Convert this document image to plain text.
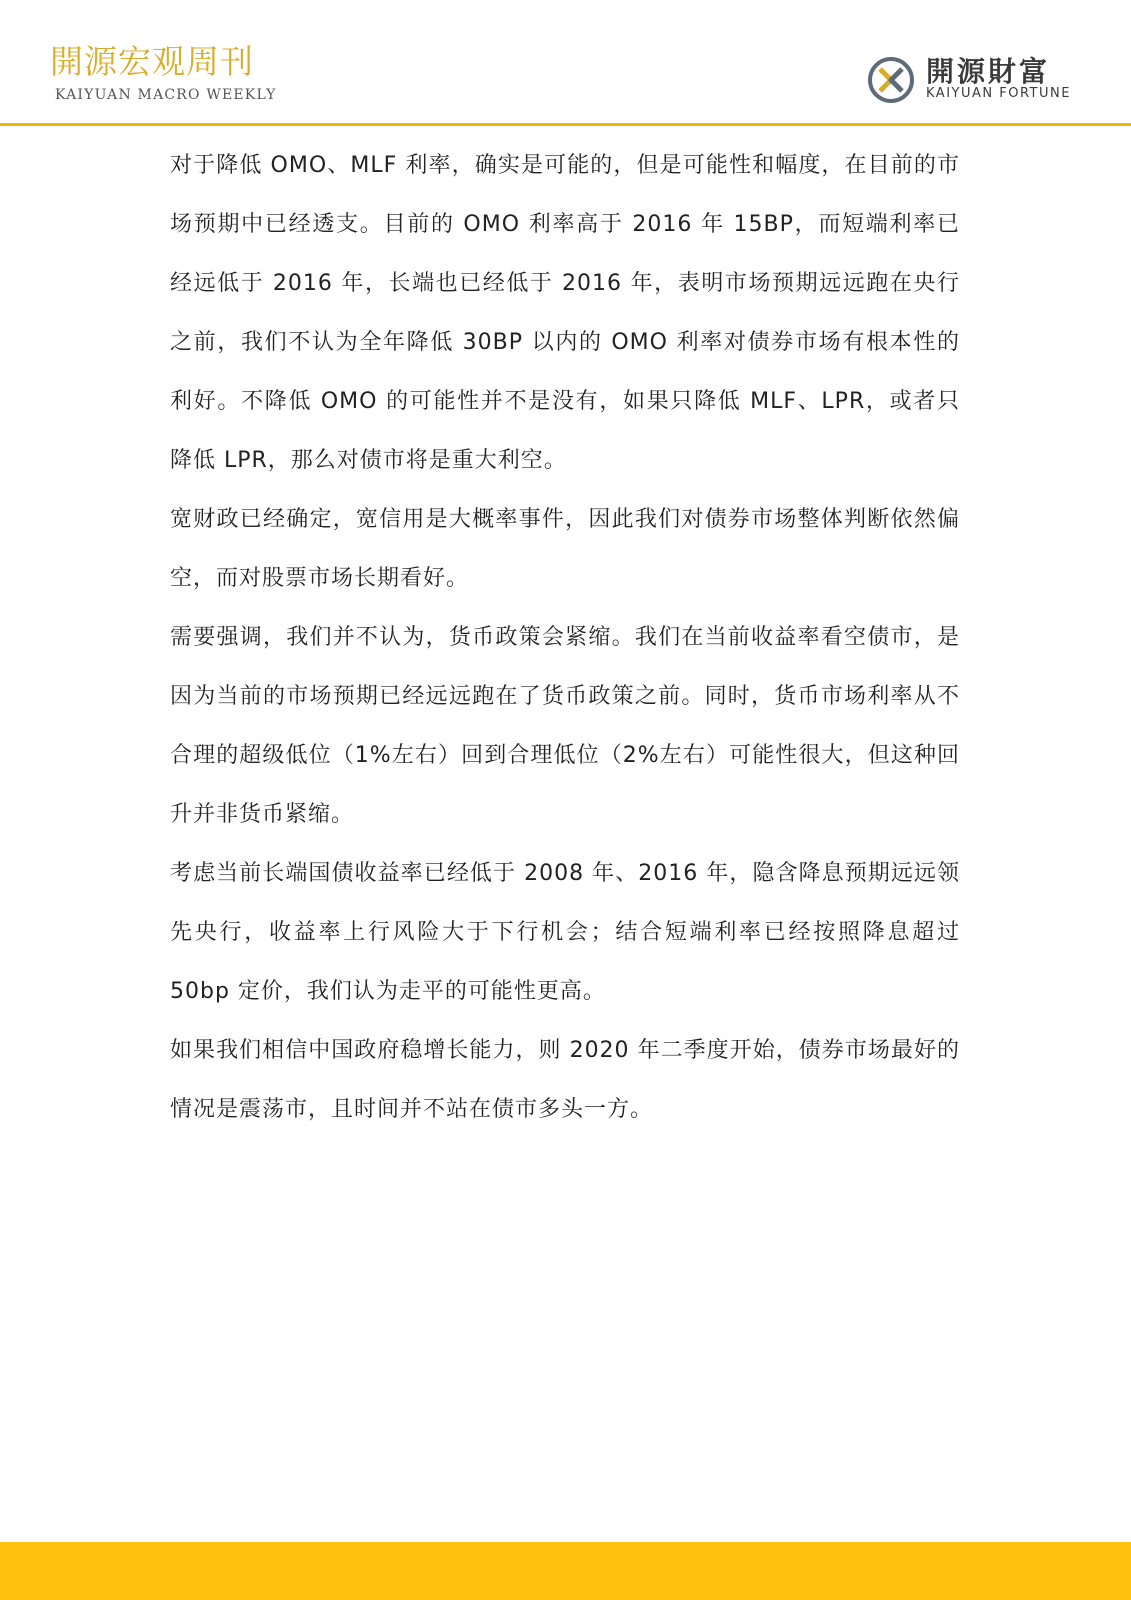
開源宏观周刊
KAIYUAN MACRO WEEKLY
開源財富
KAIYUAN FORTUNE

对于降低 OMO、MLF 利率，确实是可能的，但是可能性和幅度，在目前的市场预期中已经透支。目前的 OMO 利率高于 2016 年 15BP，而短端利率已经远低于 2016 年，长端也已经低于 2016 年，表明市场预期远远跑在央行之前，我们不认为全年降低 30BP 以内的 OMO 利率对债券市场有根本性的利好。不降低 OMO 的可能性并不是没有，如果只降低 MLF、LPR，或者只降低 LPR，那么对债市将是重大利空。

宽财政已经确定，宽信用是大概率事件，因此我们对债券市场整体判断依然偏空，而对股票市场长期看好。

需要强调，我们并不认为，货币政策会紧缩。我们在当前收益率看空债市，是因为当前的市场预期已经远远跑在了货币政策之前。同时，货币市场利率从不合理的超级低位（1%左右）回到合理低位（2%左右）可能性很大，但这种回升并非货币紧缩。

考虑当前长端国债收益率已经低于 2008 年、2016 年，隐含降息预期远远领先央行，收益率上行风险大于下行机会；结合短端利率已经按照降息超过 50bp 定价，我们认为走平的可能性更高。

如果我们相信中国政府稳增长能力，则 2020 年二季度开始，债券市场最好的情况是震荡市，且时间并不站在债市多头一方。
